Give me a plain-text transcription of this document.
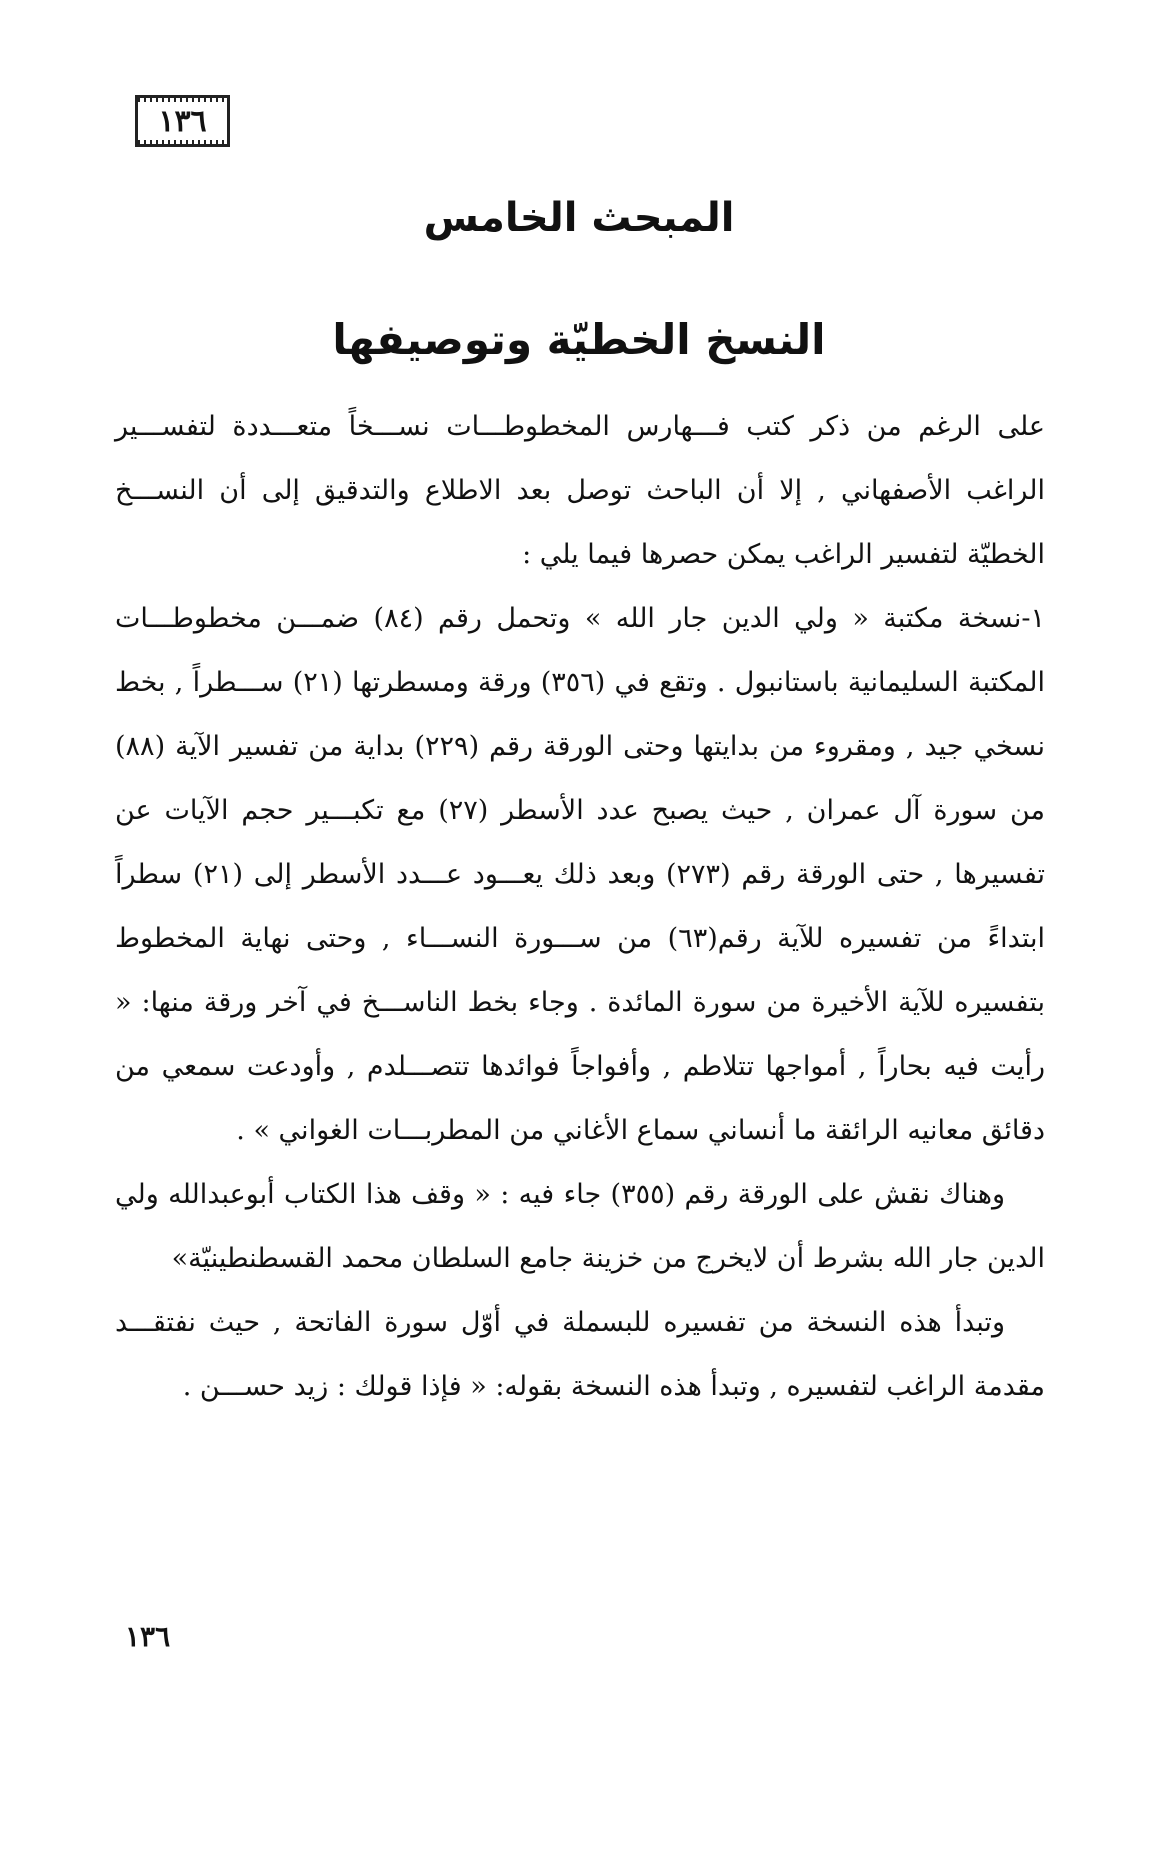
١٣٦
المبحث الخامس
النسخ الخطيّة وتوصيفها

على الرغم من ذكر كتب فـــهارس المخطوطـــات نســـخاً متعـــددة لتفســـير الراغب الأصفهاني , إلا أن الباحث توصل بعد الاطلاع والتدقيق إلى أن النســـخ الخطيّة لتفسير الراغب يمكن حصرها فيما يلي :

١-نسخة مكتبة « ولي الدين جار الله » وتحمل رقم (٨٤) ضمـــن مخطوطـــات المكتبة السليمانية باستانبول . وتقع في (٣٥٦) ورقة ومسطرتها (٢١) ســـطراً , بخط نسخي جيد , ومقروء من بدايتها وحتى الورقة رقم (٢٢٩) بداية من تفسير الآية (٨٨) من سورة آل عمران , حيث يصبح عدد الأسطر (٢٧) مع تكبـــير حجم الآيات عن تفسيرها , حتى الورقة رقم (٢٧٣) وبعد ذلك يعـــود عـــدد الأسطر إلى (٢١) سطراً ابتداءً من تفسيره للآية رقم(٦٣) من ســـورة النســـاء , وحتى نهاية المخطوط بتفسيره للآية الأخيرة من سورة المائدة . وجاء بخط الناســـخ في آخر ورقة منها: « رأيت فيه بحاراً , أمواجها تتلاطم , وأفواجاً فوائدها تتصـــلدم , وأودعت سمعي من دقائق معانيه الرائقة ما أنساني سماع الأغاني من المطربـــات الغواني » .

وهناك نقش على الورقة رقم (٣٥٥) جاء فيه : « وقف هذا الكتاب أبوعبدالله ولي الدين جار الله بشرط أن لايخرج من خزينة جامع السلطان محمد القسطنطينيّة»

وتبدأ هذه النسخة من تفسيره للبسملة في أوّل سورة الفاتحة , حيث نفتقـــد مقدمة الراغب لتفسيره , وتبدأ هذه النسخة بقوله: « فإذا قولك : زيد حســـن .

١٣٦
